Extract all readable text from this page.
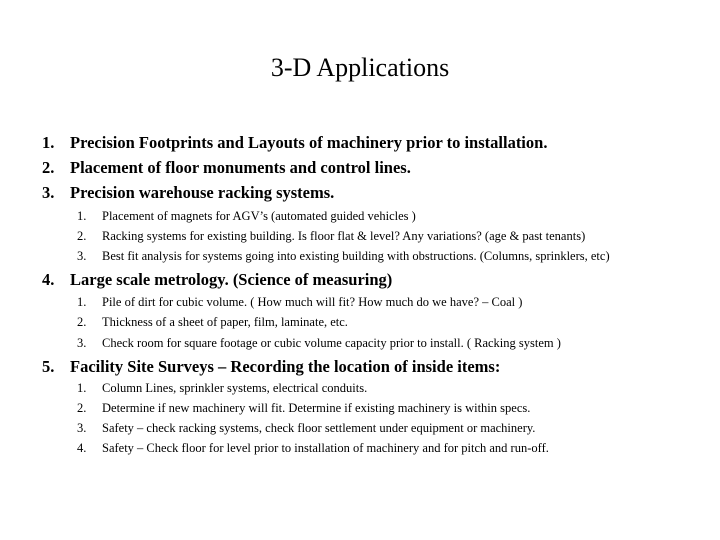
3-D Applications
1. Precision Footprints and Layouts of machinery prior to installation.
2. Placement of floor monuments and control lines.
3. Precision warehouse racking systems.
1. Placement of magnets for AGV’s (automated guided vehicles )
2. Racking systems for existing building. Is floor flat & level? Any variations? (age & past tenants)
3. Best fit analysis for systems going into existing building with obstructions. (Columns, sprinklers, etc)
4. Large scale metrology. (Science of measuring)
1. Pile of dirt for cubic volume. ( How much will fit? How much do we have? – Coal )
2. Thickness of a sheet of paper, film, laminate, etc.
3. Check room for square footage or cubic volume capacity prior to install. ( Racking system )
5. Facility Site Surveys – Recording the location of inside items:
1. Column Lines, sprinkler systems, electrical conduits.
2. Determine if new machinery will fit. Determine if existing machinery is within specs.
3. Safety – check racking systems, check floor settlement under equipment or machinery.
4. Safety – Check floor for level prior to installation of machinery and for pitch and run-off.
